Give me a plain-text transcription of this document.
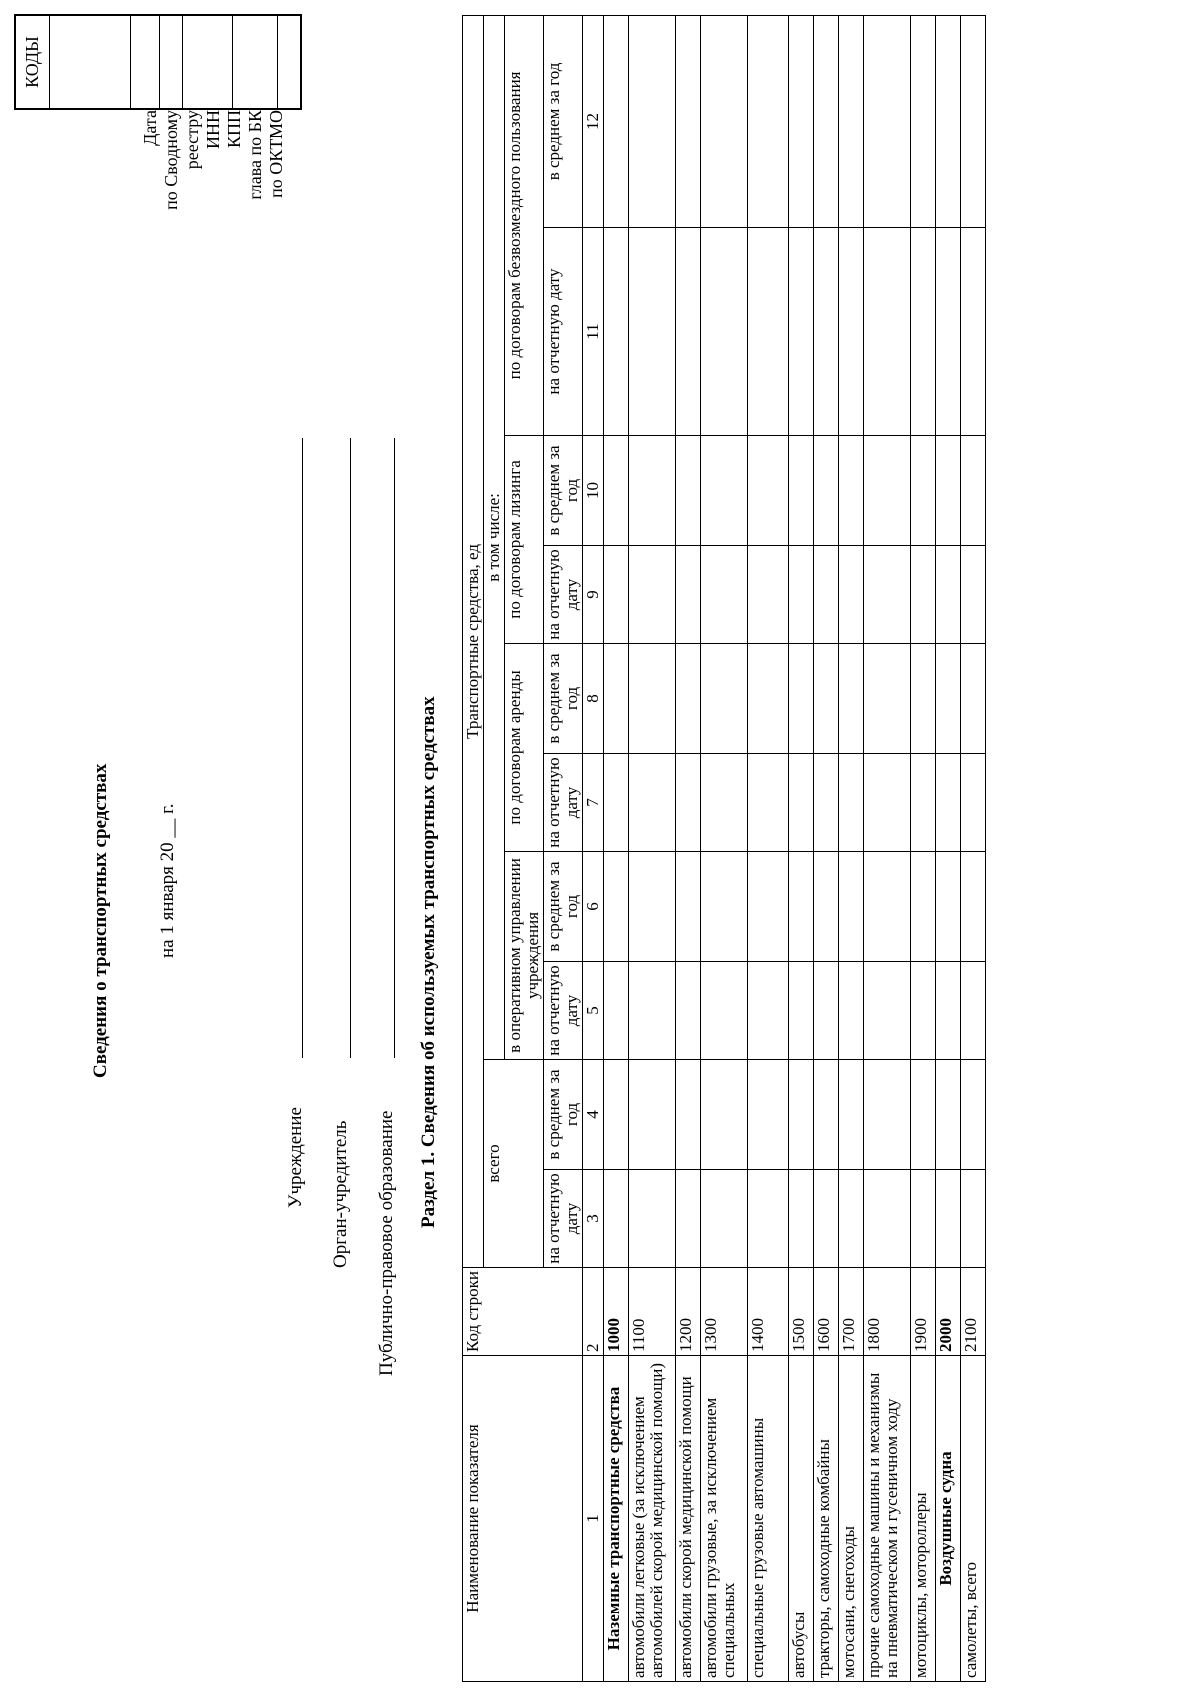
Сведения о транспортных средствах на 1 января 20 __ г.
Учреждение Орган-учредитель Публично-правовое образование
Дата по Сводному реестру ИНН КПП глава по БК по ОКТМО
КОДЫ

Раздел 1. Сведения об используемых транспортных средствах
Наименование показателя	Код строки	Транспортные средства, ед									
		всего		в том числе:							
				в оперативном управлении учреждения		по договорам аренды		по договорам лизинга		по договорам безвозмездного пользования	
		на отчетную дату	в среднем за год	на отчетную дату	в среднем за год	на отчетную дату	в среднем за год	на отчетную дату	в среднем за год	на отчетную дату	в среднем за год
1	2	3	4	5	6	7	8	9	10	11	12
Наземные транспортные средства	1000										
автомобили легковые (за исключением автомобилей скорой медицинской помощи)	1100										
автомобили скорой медицинской помощи	1200										
автомобили грузовые, за исключением специальных	1300										
специальные грузовые автомашины	1400										
автобусы	1500										
тракторы, самоходные комбайны	1600										
мотосани, снегоходы	1700										
прочие самоходные машины и механизмы на пневматическом и гусеничном ходу	1800										
мотоциклы, мотороллеры	1900										
Воздушные судна	2000										
самолеты, всего	2100										
